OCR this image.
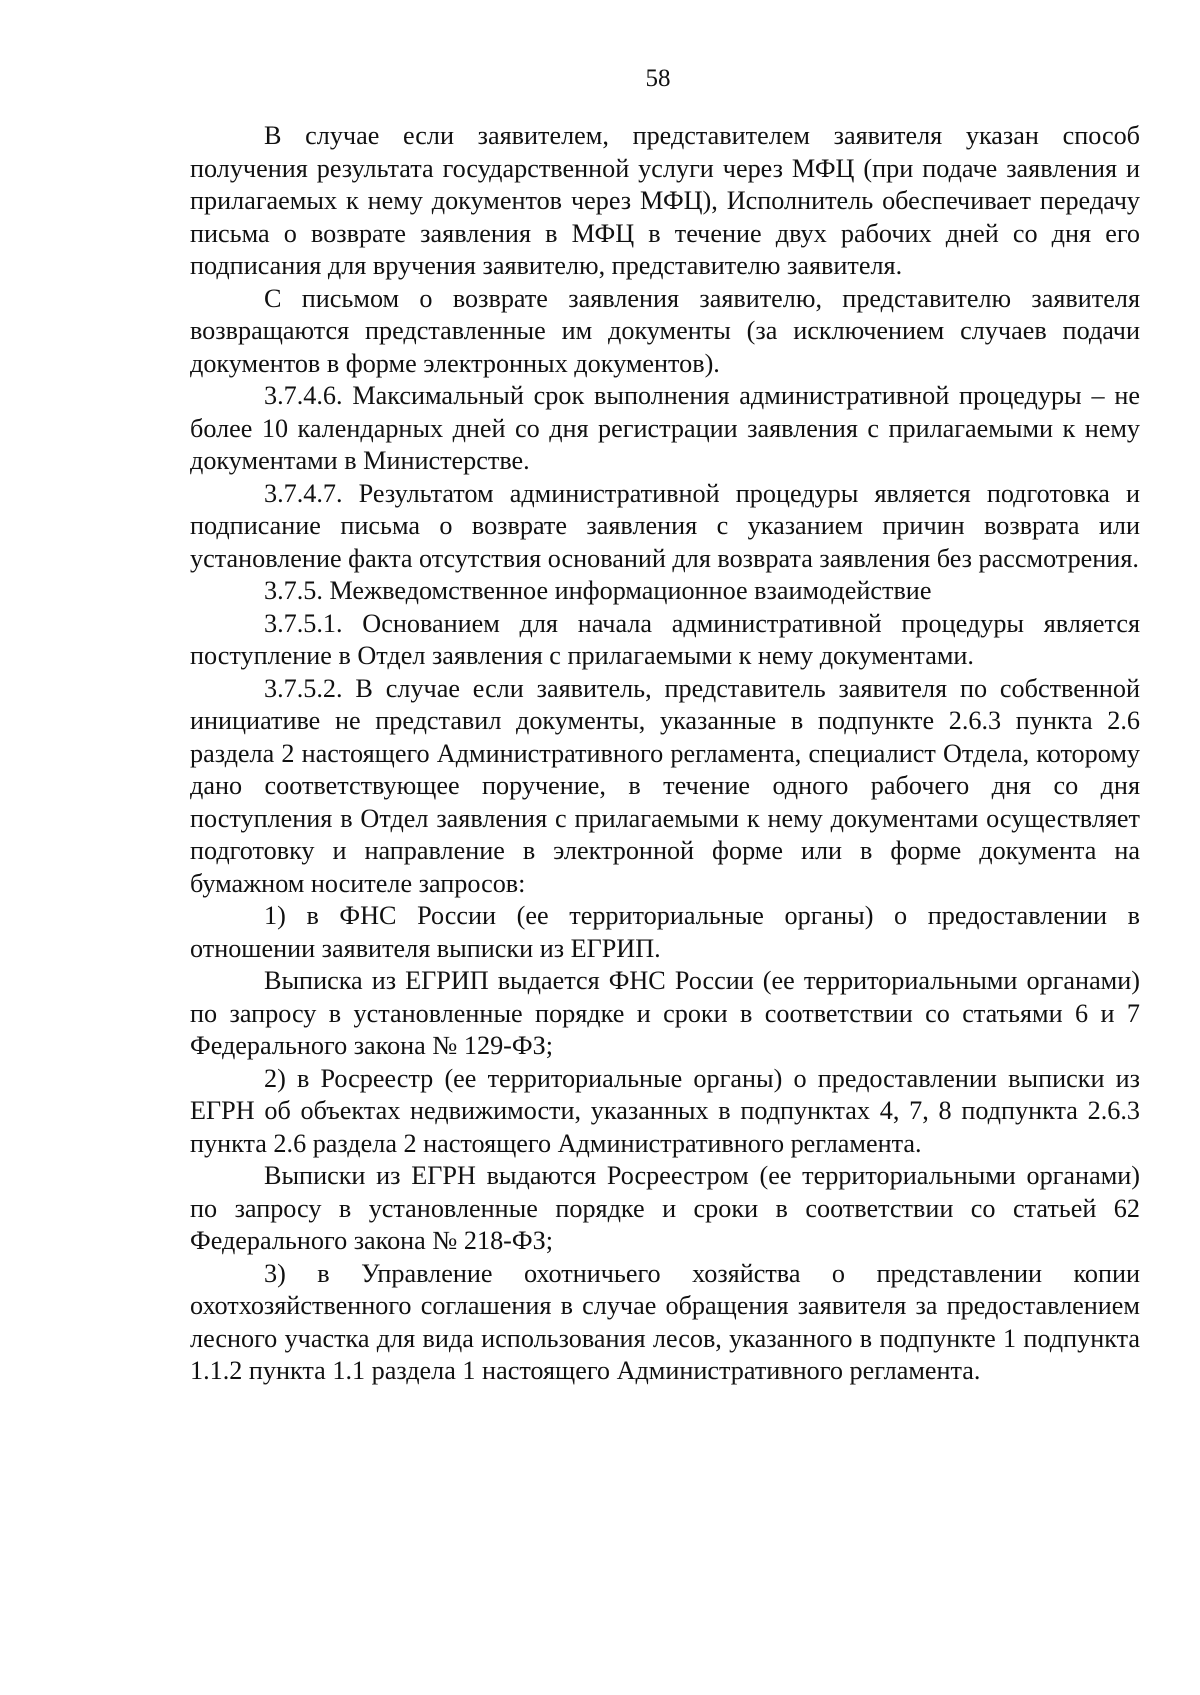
58

В случае если заявителем, представителем заявителя указан способ получения результата государственной услуги через МФЦ (при подаче заявления и прилагаемых к нему документов через МФЦ), Исполнитель обеспечивает передачу письма о возврате заявления в МФЦ в течение двух рабочих дней со дня его подписания для вручения заявителю, представителю заявителя.

С письмом о возврате заявления заявителю, представителю заявителя возвращаются представленные им документы (за исключением случаев подачи документов в форме электронных документов).

3.7.4.6. Максимальный срок выполнения административной процедуры – не более 10 календарных дней со дня регистрации заявления с прилагаемыми к нему документами в Министерстве.

3.7.4.7. Результатом административной процедуры является подготовка и подписание письма о возврате заявления с указанием причин возврата или установление факта отсутствия оснований для возврата заявления без рассмотрения.

3.7.5. Межведомственное информационное взаимодействие

3.7.5.1. Основанием для начала административной процедуры является поступление в Отдел заявления с прилагаемыми к нему документами.

3.7.5.2. В случае если заявитель, представитель заявителя по собственной инициативе не представил документы, указанные в подпункте 2.6.3 пункта 2.6 раздела 2 настоящего Административного регламента, специалист Отдела, которому дано соответствующее поручение, в течение одного рабочего дня со дня поступления в Отдел заявления с прилагаемыми к нему документами осуществляет подготовку и направление в электронной форме или в форме документа на бумажном носителе запросов:

1) в ФНС России (ее территориальные органы) о предоставлении в отношении заявителя выписки из ЕГРИП.

Выписка из ЕГРИП выдается ФНС России (ее территориальными органами) по запросу в установленные порядке и сроки в соответствии со статьями 6 и 7 Федерального закона № 129-ФЗ;

2) в Росреестр (ее территориальные органы) о предоставлении выписки из ЕГРН об объектах недвижимости, указанных в подпунктах 4, 7, 8 подпункта 2.6.3 пункта 2.6 раздела 2 настоящего Административного регламента.

Выписки из ЕГРН выдаются Росреестром (ее территориальными органами) по запросу в установленные порядке и сроки в соответствии со статьей 62 Федерального закона № 218-ФЗ;

3) в Управление охотничьего хозяйства о представлении копии охотхозяйственного соглашения в случае обращения заявителя за предоставлением лесного участка для вида использования лесов, указанного в подпункте 1 подпункта 1.1.2 пункта 1.1 раздела 1 настоящего Административного регламента.
